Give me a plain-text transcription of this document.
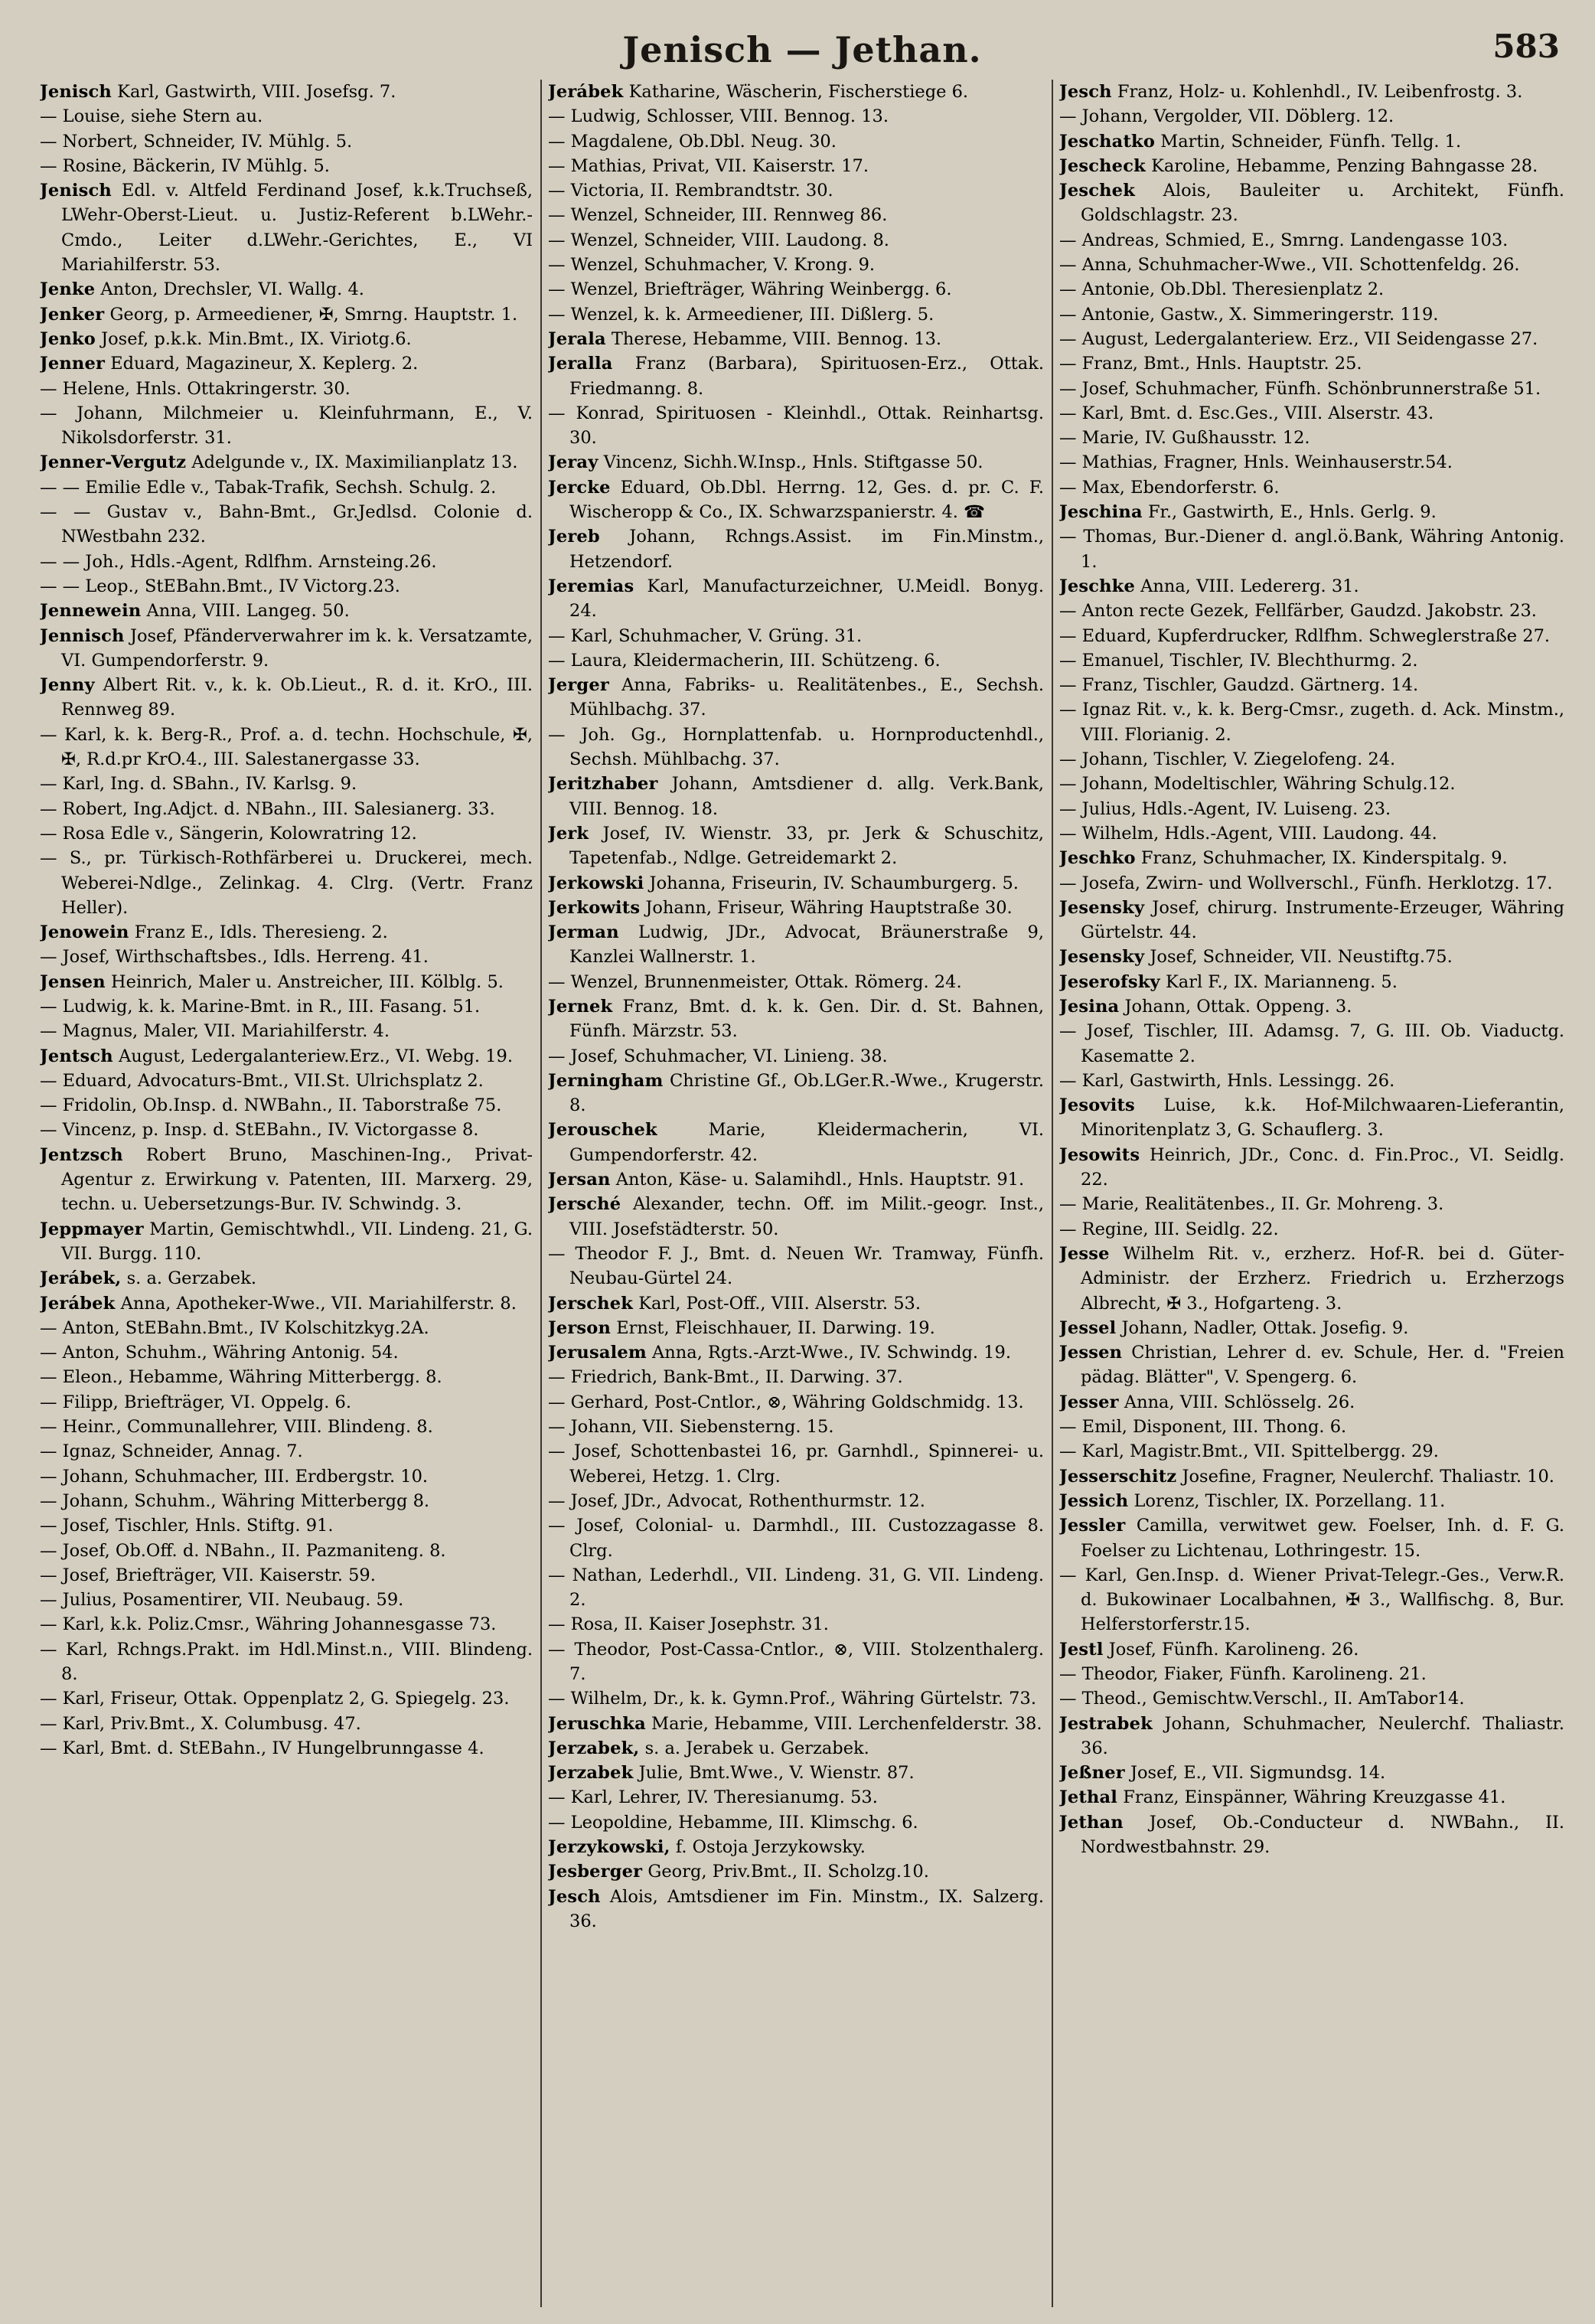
Jenisch — Jethan.	583
Jenisch Karl, Gastwirth, VIII. Josefsg. 7.
— Louise, siehe Stern au.
— Norbert, Schneider, IV. Mühlg. 5.
— Rosine, Bäckerin, IV Mühlg. 5.
Jenisch Edl. v. Altfeld Ferdinand Josef, k.k.Truchseß, LWehr-Oberst-Lieut. u. Justiz-Referent b.LWehr.-Cmdo., Leiter d.LWehr.-Gerichtes, E., VI Mariahilferstr. 53.
Jenke Anton, Drechsler, VI. Wallg. 4.
Jenker Georg, p. Armeediener, ✠, Smrng. Hauptstr. 1.
Jenko Josef, p.k.k. Min.Bmt., IX. Viriotg.6.
Jenner Eduard, Magazineur, X. Keplerg. 2.
— Helene, Hnls. Ottakringerstr. 30.
— Johann, Milchmeier u. Kleinfuhrmann, E., V. Nikolsdorferstr. 31.
Jenner-Vergutz Adelgunde v., IX. Maximilianplatz 13.
— — Emilie Edle v., Tabak-Trafik, Sechsh. Schulg. 2.
— — Gustav v., Bahn-Bmt., Gr.Jedlsd. Colonie d. NWestbahn 232.
— — Joh., Hdls.-Agent, Rdlfhm. Arnsteing.26.
— — Leop., StEBahn.Bmt., IV Victorg.23.
Jennewein Anna, VIII. Langeg. 50.
Jennisch Josef, Pfänderverwahrer im k. k. Versatzamte, VI. Gumpendorferstr. 9.
Jenny Albert Rit. v., k. k. Ob.Lieut., R. d. it. KrO., III. Rennweg 89.
— Karl, k. k. Berg-R., Prof. a. d. techn. Hochschule, ✠, ✠, R.d.pr KrO.4., III. Salestanergasse 33.
— Karl, Ing. d. SBahn., IV. Karlsg. 9.
— Robert, Ing.Adjct. d. NBahn., III. Salesianerg. 33.
— Rosa Edle v., Sängerin, Kolowratring 12.
— S., pr. Türkisch-Rothfärberei u. Druckerei, mech. Weberei-Ndlge., Zelinkag. 4. Clrg. (Vertr. Franz Heller).
Jenowein Franz E., Idls. Theresieng. 2.
— Josef, Wirthschaftsbes., Idls. Herreng. 41.
Jensen Heinrich, Maler u. Anstreicher, III. Kölblg. 5.
— Ludwig, k. k. Marine-Bmt. in R., III. Fasang. 51.
— Magnus, Maler, VII. Mariahilferstr. 4.
Jentsch August, Ledergalanteriew.Erz., VI. Webg. 19.
— Eduard, Advocaturs-Bmt., VII.St. Ulrichsplatz 2.
— Fridolin, Ob.Insp. d. NWBahn., II. Taborstraße 75.
— Vincenz, p. Insp. d. StEBahn., IV. Victorgasse 8.
Jentzsch Robert Bruno, Maschinen-Ing., Privat-Agentur z. Erwirkung v. Patenten, III. Marxerg. 29, techn. u. Uebersetzungs-Bur. IV. Schwindg. 3.
Jeppmayer Martin, Gemischtwhdl., VII. Lindeng. 21, G. VII. Burgg. 110.
Jerábek, s. a. Gerzabek.
Jerábek Anna, Apotheker-Wwe., VII. Mariahilferstr. 8.
— Anton, StEBahn.Bmt., IV Kolschitzkyg.2A.
— Anton, Schuhm., Währing Antonig. 54.
— Eleon., Hebamme, Währing Mitterbergg. 8.
— Filipp, Briefträger, VI. Oppelg. 6.
— Heinr., Communallehrer, VIII. Blindeng. 8.
— Ignaz, Schneider, Annag. 7.
— Johann, Schuhmacher, III. Erdbergstr. 10.
— Johann, Schuhm., Währing Mitterbergg 8.
— Josef, Tischler, Hnls. Stiftg. 91.
— Josef, Ob.Off. d. NBahn., II. Pazmaniteng. 8.
— Josef, Briefträger, VII. Kaiserstr. 59.
— Julius, Posamentirer, VII. Neubaug. 59.
— Karl, k.k. Poliz.Cmsr., Währing Johannesgasse 73.
— Karl, Rchngs.Prakt. im Hdl.Minst.n., VIII. Blindeng. 8.
— Karl, Friseur, Ottak. Oppenplatz 2, G. Spiegelg. 23.
— Karl, Priv.Bmt., X. Columbusg. 47.
— Karl, Bmt. d. StEBahn., IV Hungelbrunngasse 4.
Jerábek Katharine, Wäscherin, Fischerstiege 6.
— Ludwig, Schlosser, VIII. Bennog. 13.
— Magdalene, Ob.Dbl. Neug. 30.
— Mathias, Privat, VII. Kaiserstr. 17.
— Victoria, II. Rembrandtstr. 30.
— Wenzel, Schneider, III. Rennweg 86.
— Wenzel, Schneider, VIII. Laudong. 8.
— Wenzel, Schuhmacher, V. Krong. 9.
— Wenzel, Briefträger, Währing Weinbergg. 6.
— Wenzel, k. k. Armeediener, III. Dißlerg. 5.
Jerala Therese, Hebamme, VIII. Bennog. 13.
Jeralla Franz (Barbara), Spirituosen-Erz., Ottak. Friedmanng. 8.
— Konrad, Spirituosen - Kleinhdl., Ottak. Reinhartsg. 30.
Jeray Vincenz, Sichh.W.Insp., Hnls. Stiftgasse 50.
Jercke Eduard, Ob.Dbl. Herrng. 12, Ges. d. pr. C. F. Wischeropp & Co., IX. Schwarzspanierstr. 4. ☎
Jereb Johann, Rchngs.Assist. im Fin.Minstm., Hetzendorf.
Jeremias Karl, Manufacturzeichner, U.Meidl. Bonyg. 24.
— Karl, Schuhmacher, V. Grüng. 31.
— Laura, Kleidermacherin, III. Schützeng. 6.
Jerger Anna, Fabriks- u. Realitätenbes., E., Sechsh. Mühlbachg. 37.
— Joh. Gg., Hornplattenfab. u. Hornproductenhdl., Sechsh. Mühlbachg. 37.
Jeritzhaber Johann, Amtsdiener d. allg. Verk.Bank, VIII. Bennog. 18.
Jerk Josef, IV. Wienstr. 33, pr. Jerk & Schuschitz, Tapetenfab., Ndlge. Getreidemarkt 2.
Jerkowski Johanna, Friseurin, IV. Schaumburgerg. 5.
Jerkowits Johann, Friseur, Währing Hauptstraße 30.
Jerman Ludwig, JDr., Advocat, Bräunerstraße 9, Kanzlei Wallnerstr. 1.
— Wenzel, Brunnenmeister, Ottak. Römerg. 24.
Jernek Franz, Bmt. d. k. k. Gen. Dir. d. St. Bahnen, Fünfh. Märzstr. 53.
— Josef, Schuhmacher, VI. Linieng. 38.
Jerningham Christine Gf., Ob.LGer.R.-Wwe., Krugerstr. 8.
Jerouschek	Marie, Kleidermacherin, VI. Gumpendorferstr. 42.
Jersan Anton, Käse- u. Salamihdl., Hnls. Hauptstr. 91.
Jersché Alexander, techn. Off. im Milit.-geogr. Inst., VIII. Josefstädterstr. 50.
— Theodor F. J., Bmt. d. Neuen Wr. Tramway, Fünfh. Neubau-Gürtel 24.
Jerschek Karl, Post-Off., VIII. Alserstr. 53.
Jerson Ernst, Fleischhauer, II. Darwing. 19.
Jerusalem Anna, Rgts.-Arzt-Wwe., IV. Schwindg. 19.
— Friedrich, Bank-Bmt., II. Darwing. 37.
— Gerhard, Post-Cntlor., ⊗, Währing Goldschmidg. 13.
— Johann, VII. Siebensterng. 15.
— Josef, Schottenbastei 16, pr. Garnhdl., Spinnerei- u. Weberei, Hetzg. 1. Clrg.
— Josef, JDr., Advocat, Rothenthurmstr. 12.
— Josef, Colonial- u. Darmhdl., III. Custozzagasse 8. Clrg.
— Nathan, Lederhdl., VII. Lindeng. 31, G. VII. Lindeng. 2.
— Rosa, II. Kaiser Josephstr. 31.
— Theodor, Post-Cassa-Cntlor., ⊗, VIII. Stolzenthalerg. 7.
— Wilhelm, Dr., k. k. Gymn.Prof., Währing Gürtelstr. 73.
Jeruschka Marie, Hebamme, VIII. Lerchenfelderstr. 38.
Jerzabek, s. a. Jerabek u. Gerzabek.
Jerzabek Julie, Bmt.Wwe., V. Wienstr. 87.
— Karl, Lehrer, IV. Theresianumg. 53.
— Leopoldine, Hebamme, III. Klimschg. 6.
Jerzykowski, f. Ostoja Jerzykowsky.
Jesberger Georg, Priv.Bmt., II. Scholzg.10.
Jesch Alois, Amtsdiener im Fin. Minstm., IX. Salzerg. 36.
Jesch Franz, Holz- u. Kohlenhdl., IV. Leibenfrostg. 3.
— Johann, Vergolder, VII. Döblerg. 12.
Jeschatko Martin, Schneider, Fünfh. Tellg. 1.
Jescheck Karoline, Hebamme, Penzing Bahngasse 28.
Jeschek Alois, Bauleiter u. Architekt, Fünfh. Goldschlagstr. 23.
— Andreas, Schmied, E., Smrng. Landengasse 103.
— Anna, Schuhmacher-Wwe., VII. Schottenfeldg. 26.
— Antonie, Ob.Dbl. Theresienplatz 2.
— Antonie, Gastw., X. Simmeringerstr. 119.
— August, Ledergalanteriew. Erz., VII Seidengasse 27.
— Franz, Bmt., Hnls. Hauptstr. 25.
— Josef, Schuhmacher, Fünfh. Schönbrunnerstraße 51.
— Karl, Bmt. d. Esc.Ges., VIII. Alserstr. 43.
— Marie, IV. Gußhausstr. 12.
— Mathias, Fragner, Hnls. Weinhauserstr.54.
— Max, Ebendorferstr. 6.
Jeschina Fr., Gastwirth, E., Hnls. Gerlg. 9.
— Thomas, Bur.-Diener d. angl.ö.Bank, Währing Antonig. 1.
Jeschke Anna, VIII. Ledererg. 31.
— Anton recte Gezek, Fellfärber, Gaudzd. Jakobstr. 23.
— Eduard, Kupferdrucker, Rdlfhm. Schweglerstraße 27.
— Emanuel, Tischler, IV. Blechthurmg. 2.
— Franz, Tischler, Gaudzd. Gärtnerg. 14.
— Ignaz Rit. v., k. k. Berg-Cmsr., zugeth. d. Ack. Minstm., VIII. Florianig. 2.
— Johann, Tischler, V. Ziegelofeng. 24.
— Johann, Modeltischler, Währing Schulg.12.
— Julius, Hdls.-Agent, IV. Luiseng. 23.
— Wilhelm, Hdls.-Agent, VIII. Laudong. 44.
Jeschko Franz, Schuhmacher, IX. Kinderspitalg. 9.
— Josefa, Zwirn- und Wollverschl., Fünfh. Herklotzg. 17.
Jesensky Josef, chirurg. Instrumente-Erzeuger, Währing Gürtelstr. 44.
Jesensky Josef, Schneider, VII. Neustiftg.75.
Jeserofsky Karl F., IX. Marianneng. 5.
Jesina Johann, Ottak. Oppeng. 3.
— Josef, Tischler, III. Adamsg. 7, G. III. Ob. Viaductg. Kasematte 2.
— Karl, Gastwirth, Hnls. Lessingg. 26.
Jesovits Luise, k.k. Hof-Milchwaaren-Lieferantin, Minoritenplatz 3, G. Schauflerg. 3.
Jesowits Heinrich, JDr., Conc. d. Fin.Proc., VI. Seidlg. 22.
— Marie, Realitätenbes., II. Gr. Mohreng. 3.
— Regine, III. Seidlg. 22.
Jesse Wilhelm Rit. v., erzherz. Hof-R. bei d. Güter-Administr. der Erzherz. Friedrich u. Erzherzogs Albrecht, ✠ 3., Hofgarteng. 3.
Jessel Johann, Nadler, Ottak. Josefig. 9.
Jessen Christian, Lehrer d. ev. Schule, Her. d. "Freien pädag. Blätter", V. Spengerg. 6.
Jesser Anna, VIII. Schlösselg. 26.
— Emil, Disponent, III. Thong. 6.
— Karl, Magistr.Bmt., VII. Spittelbergg. 29.
Jesserschitz Josefine, Fragner, Neulerchf. Thaliastr. 10.
Jessich Lorenz, Tischler, IX. Porzellang. 11.
Jessler Camilla, verwitwet gew. Foelser, Inh. d. F. G. Foelser zu Lichtenau, Lothringestr. 15.
— Karl, Gen.Insp. d. Wiener Privat-Telegr.-Ges., Verw.R. d. Bukowinaer Localbahnen, ✠ 3., Wallfischg. 8, Bur. Helferstorferstr.15.
Jestl Josef, Fünfh. Karolineng. 26.
— Theodor, Fiaker, Fünfh. Karolineng. 21.
— Theod., Gemischtw.Verschl., II. AmTabor14.
Jestrabek Johann, Schuhmacher, Neulerchf. Thaliastr. 36.
Jeßner Josef, E., VII. Sigmundsg. 14.
Jethal Franz, Einspänner, Währing Kreuzgasse 41.
Jethan Josef, Ob.-Conducteur d. NWBahn., II. Nordwestbahnstr. 29.
